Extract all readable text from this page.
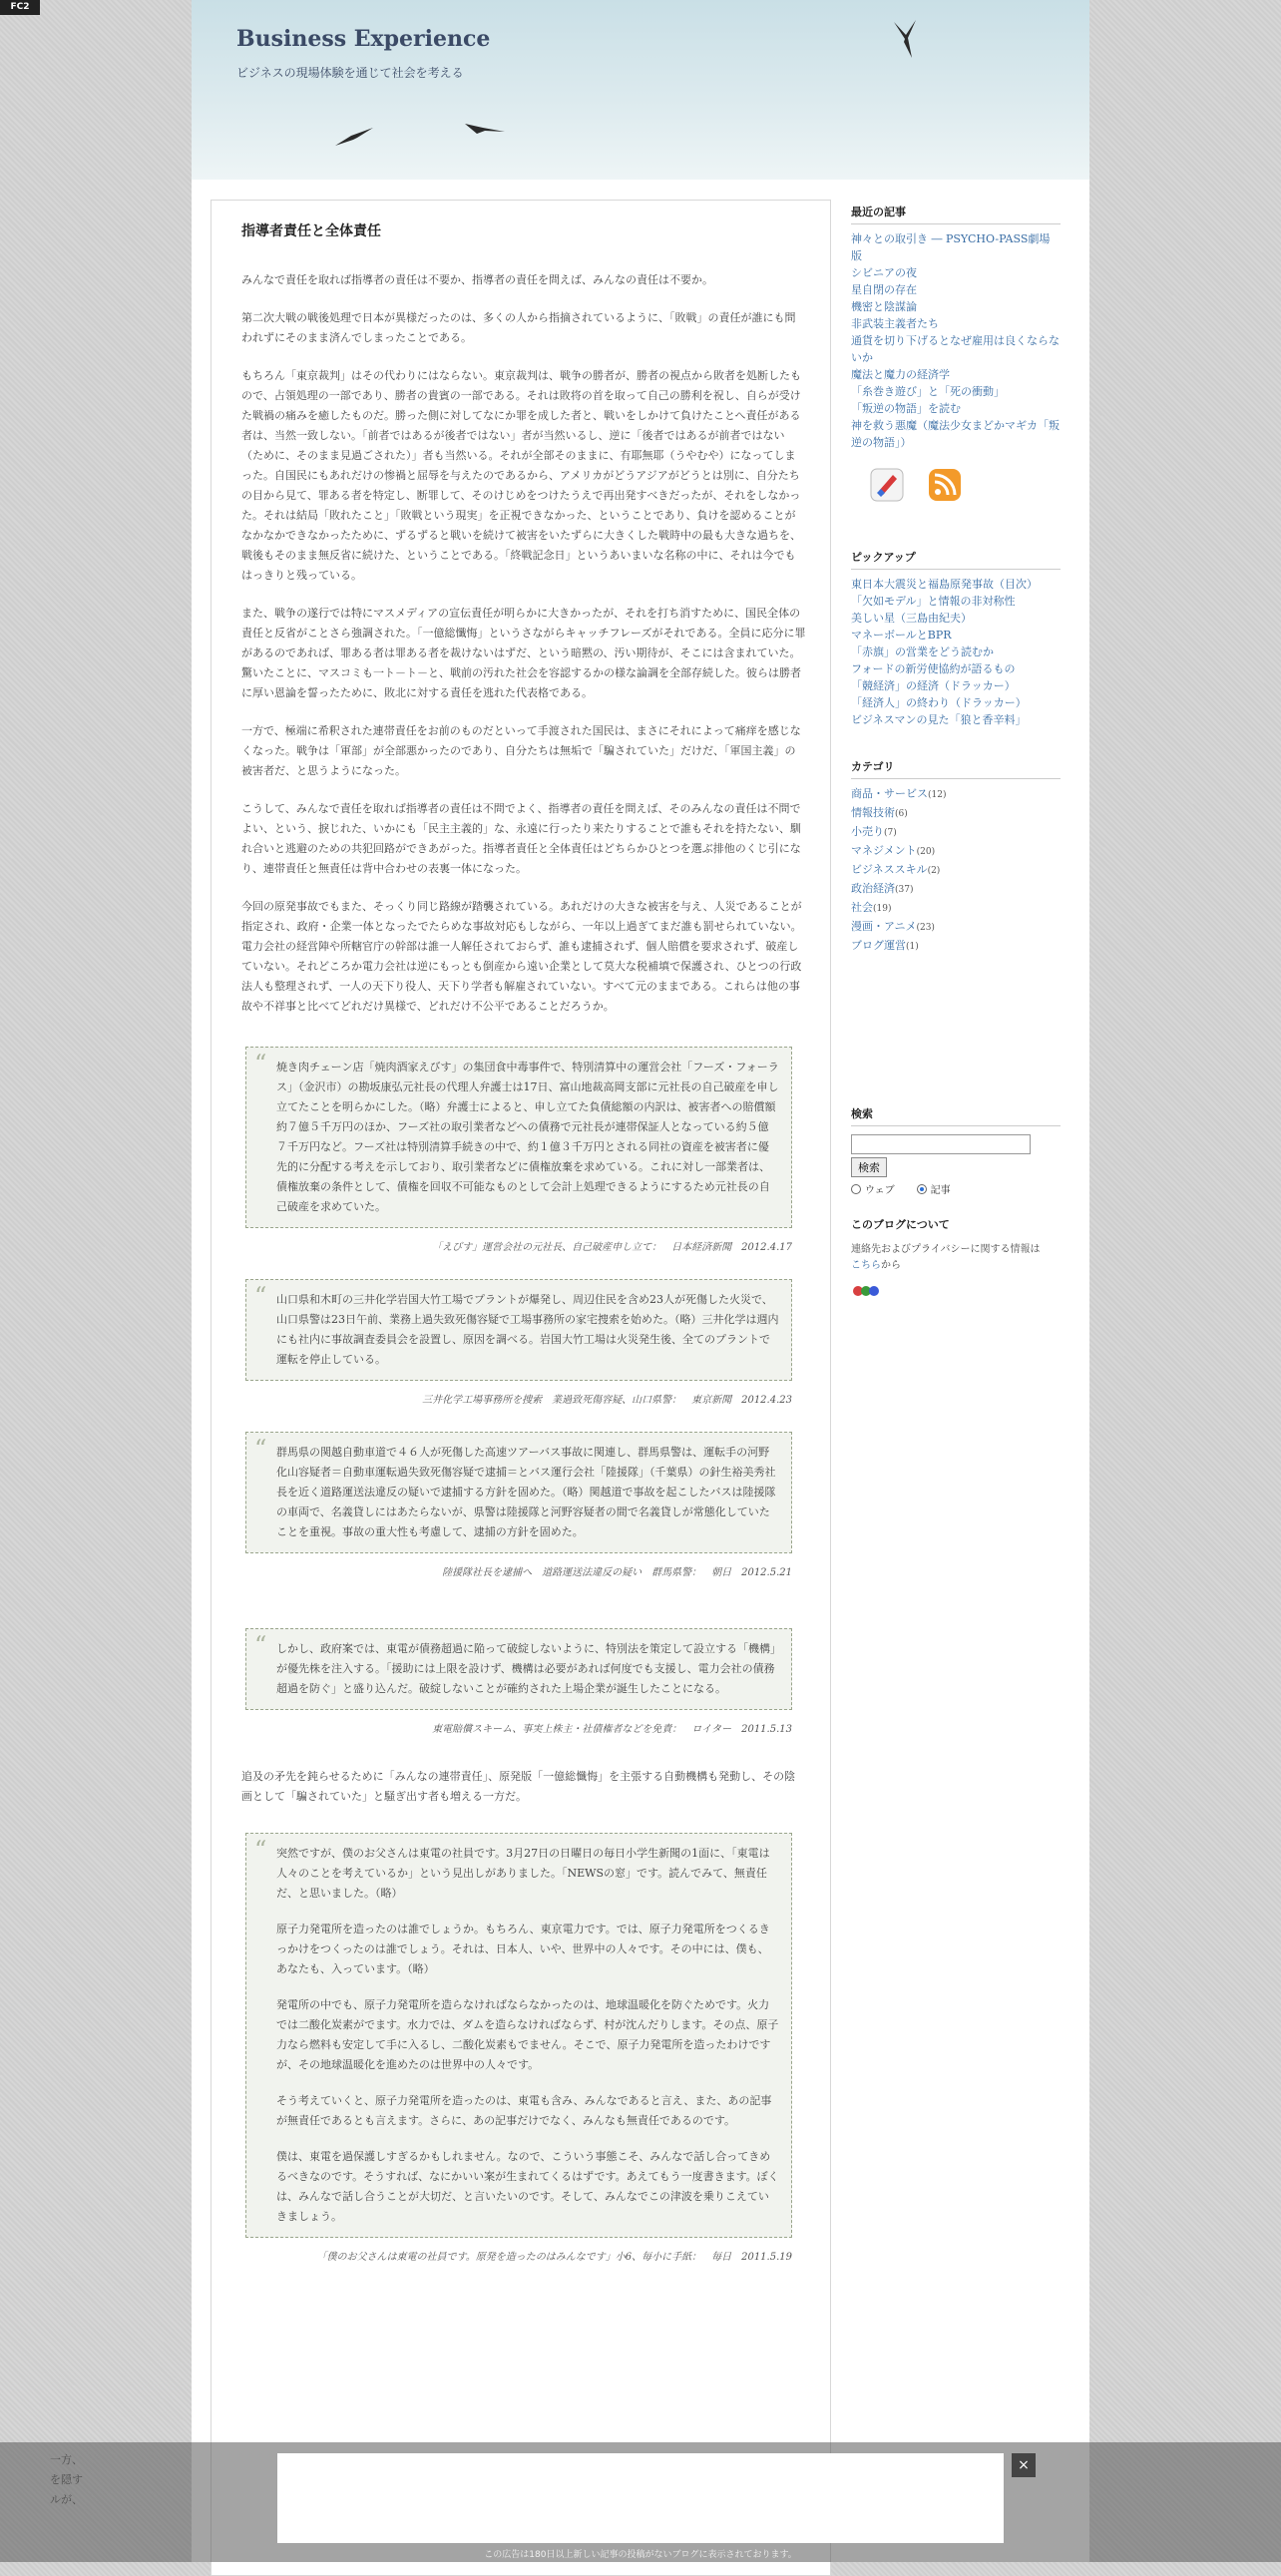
FC2
Business Experience
ビジネスの現場体験を通じて社会を考える
指導者責任と全体責任

みんなで責任を取れば指導者の責任は不要か、指導者の責任を問えば、みんなの責任は不要か。

第二次大戦の戦後処理で日本が異様だったのは、多くの人から指摘されているように、「敗戦」の責任が誰にも問われずにそのまま済んでしまったことである。

もちろん「東京裁判」はその代わりにはならない。東京裁判は、戦争の勝者が、勝者の視点から敗者を処断したもので、占領処理の一部であり、勝者の貴賓の一部である。それは敗将の首を取って自己の勝利を祝し、自らが受けた戦禍の痛みを癒したものだ。勝った側に対してなにか罪を成した者と、戦いをしかけて負けたことへ責任がある者は、当然一致しない。「前者ではあるが後者ではない」者が当然いるし、逆に「後者ではあるが前者ではない（ために、そのまま見過ごされた）」者も当然いる。それが全部そのままに、有耶無耶（うやむや）になってしまった。自国民にもあれだけの惨禍と屈辱を与えたのであるから、アメリカがどうアジアがどうとは別に、自分たちの目から見て、罪ある者を特定し、断罪して、そのけじめをつけたうえで再出発すべきだったが、それをしなかった。それは結局「敗れたこと」「敗戦という現実」を正視できなかった、ということであり、負けを認めることがなかなかできなかったために、ずるずると戦いを続けて被害をいたずらに大きくした戦時中の最も大きな過ちを、戦後もそのまま無反省に続けた、ということである。「終戦記念日」というあいまいな名称の中に、それは今でもはっきりと残っている。

また、戦争の遂行では特にマスメディアの宣伝責任が明らかに大きかったが、それを打ち消すために、国民全体の責任と反省がことさら強調された。「一億総懺悔」というさながらキャッチフレーズがそれである。全員に応分に罪があるのであれば、罪ある者は罪ある者を裁けないはずだ、という暗黙の、汚い期待が、そこには含まれていた。驚いたことに、マスコミも一ト－ト－と、戦前の汚れた社会を容認するかの様な論調を全部存続した。彼らは勝者に厚い恩論を誓ったために、敗北に対する責任を逃れた代表格である。

一方で、極端に希釈された連帯責任をお前のものだといって手渡された国民は、まさにそれによって痛痒を感じなくなった。戦争は「軍部」が全部悪かったのであり、自分たちは無垢で「騙されていた」だけだ、「軍国主義」の被害者だ、と思うようになった。

こうして、みんなで責任を取れば指導者の責任は不問でよく、指導者の責任を問えば、そのみんなの責任は不問でよい、という、捩じれた、いかにも「民主主義的」な、永遠に行ったり来たりすることで誰もそれを持たない、馴れ合いと逃避のための共犯回路ができあがった。指導者責任と全体責任はどちらかひとつを選ぶ排他のくじ引になり、連帯責任と無責任は背中合わせの表裏一体になった。

今回の原発事故でもまた、そっくり同じ路線が踏襲されている。あれだけの大きな被害を与え、人災であることが指定され、政府・企業一体となったでたらめな事故対応もしながら、一年以上過ぎてまだ誰も罰せられていない。電力会社の経営陣や所轄官庁の幹部は誰一人解任されておらず、誰も逮捕されず、個人賠償を要求されず、破産していない。それどころか電力会社は逆にもっとも倒産から遠い企業として莫大な税補填で保護され、ひとつの行政法人も整理されず、一人の天下り役人、天下り学者も解雇されていない。すべて元のままである。これらは他の事故や不祥事と比べてどれだけ異様で、どれだけ不公平であることだろうか。

“ 焼き肉チェーン店「焼肉酒家えびす」の集団食中毒事件で、特別清算中の運営会社「フーズ・フォーラス」（金沢市）の勘坂康弘元社長の代理人弁護士は17日、富山地裁高岡支部に元社長の自己破産を申し立てたことを明らかにした。（略）弁護士によると、申し立てた負債総額の内訳は、被害者への賠償額約７億５千万円のほか、フーズ社の取引業者などへの債務で元社長が連帯保証人となっている約５億７千万円など。フーズ社は特別清算手続きの中で、約１億３千万円とされる同社の資産を被害者に優先的に分配する考えを示しており、取引業者などに債権放棄を求めている。これに対し一部業者は、債権放棄の条件として、債権を回収不可能なものとして会計上処理できるようにするため元社長の自己破産を求めていた。

「えびす」運営会社の元社長、自己破産申し立て：　日本経済新聞　2012.4.17
“ 山口県和木町の三井化学岩国大竹工場でプラントが爆発し、周辺住民を含め23人が死傷した火災で、山口県警は23日午前、業務上過失致死傷容疑で工場事務所の家宅捜索を始めた。（略）三井化学は週内にも社内に事故調査委員会を設置し、原因を調べる。岩国大竹工場は火災発生後、全てのプラントで運転を停止している。

三井化学工場事務所を捜索　業過致死傷容疑、山口県警：　東京新聞　2012.4.23
“ 群馬県の関越自動車道で４６人が死傷した高速ツアーバス事故に関連し、群馬県警は、運転手の河野化山容疑者＝自動車運転過失致死傷容疑で逮捕＝とバス運行会社「陸援隊」（千葉県）の針生裕美秀社長を近く道路運送法違反の疑いで逮捕する方針を固めた。（略）関越道で事故を起こしたバスは陸援隊の車両で、名義貸しにはあたらないが、県警は陸援隊と河野容疑者の間で名義貸しが常態化していたことを重視。事故の重大性も考慮して、逮捕の方針を固めた。

陸援隊社長を逮捕へ　道路運送法違反の疑い　群馬県警：　朝日　2012.5.21
“ しかし、政府案では、東電が債務超過に陥って破綻しないように、特別法を策定して設立する「機構」が優先株を注入する。「援助には上限を設けず、機構は必要があれば何度でも支援し、電力会社の債務超過を防ぐ」と盛り込んだ。破綻しないことが確約された上場企業が誕生したことになる。

東電賠償スキーム、事実上株主・社債権者などを免責：　ロイター　2011.5.13

追及の矛先を鈍らせるために「みんなの連帯責任」、原発版「一億総懺悔」を主張する自動機構も発動し、その陰画として「騙されていた」と騒ぎ出す者も増える一方だ。

“ 突然ですが、僕のお父さんは東電の社員です。3月27日の日曜日の毎日小学生新聞の1面に、「東電は人々のことを考えているか」という見出しがありました。「NEWSの窓」です。読んでみて、無責任だ、と思いました。（略）

原子力発電所を造ったのは誰でしょうか。もちろん、東京電力です。では、原子力発電所をつくるきっかけをつくったのは誰でしょう。それは、日本人、いや、世界中の人々です。その中には、僕も、あなたも、入っています。（略）

発電所の中でも、原子力発電所を造らなければならなかったのは、地球温暖化を防ぐためです。火力では二酸化炭素がでます。水力では、ダムを造らなければならず、村が沈んだりします。その点、原子力なら燃料も安定して手に入るし、二酸化炭素もでません。そこで、原子力発電所を造ったわけですが、その地球温暖化を進めたのは世界中の人々です。

そう考えていくと、原子力発電所を造ったのは、東電も含み、みんなであると言え、また、あの記事が無責任であるとも言えます。さらに、あの記事だけでなく、みんなも無責任であるのです。

僕は、東電を過保護しすぎるかもしれません。なので、こういう事態こそ、みんなで話し合ってきめるべきなのです。そうすれば、なにかいい案が生まれてくるはずです。あえてもう一度書きます。ぼくは、みんなで話し合うことが大切だ、と言いたいのです。そして、みんなでこの津波を乗りこえていきましょう。

「僕のお父さんは東電の社員です。原発を造ったのはみんなです」小6、毎小に手紙：　毎日　2011.5.19
最近の記事
神々との取引き ― PSYCHO-PASS劇場版
シビニアの夜
星自閉の存在
機密と陰謀論
非武装主義者たち
通貨を切り下げるとなぜ雇用は良くならないか
魔法と魔力の経済学
「糸巻き遊び」と「死の衝動」
「叛逆の物語」を読む
神を救う悪魔（魔法少女まどかマギカ「叛逆の物語」）
ピックアップ
東日本大震災と福島原発事故（目次）
「欠如モデル」と情報の非対称性
美しい星（三島由紀夫）
マネーボールとBPR
「赤旗」の営業をどう読むか
フォードの新労使協約が語るもの
「競経済」の経済（ドラッカー）
「経済人」の終わり（ドラッカー）
ビジネスマンの見た「狼と香辛料」
カテゴリ
商品・サービス(12)
情報技術(6)
小売り(7)
マネジメント(20)
ビジネススキル(2)
政治経済(37)
社会(19)
漫画・アニメ(23)
ブログ運営(1)
検索
検索
ウェブ	記事
このブログについて
連絡先およびプライバシーに関する情報は
こちらから
×
この広告は180日以上新しい記事の投稿がないブログに表示されております。
